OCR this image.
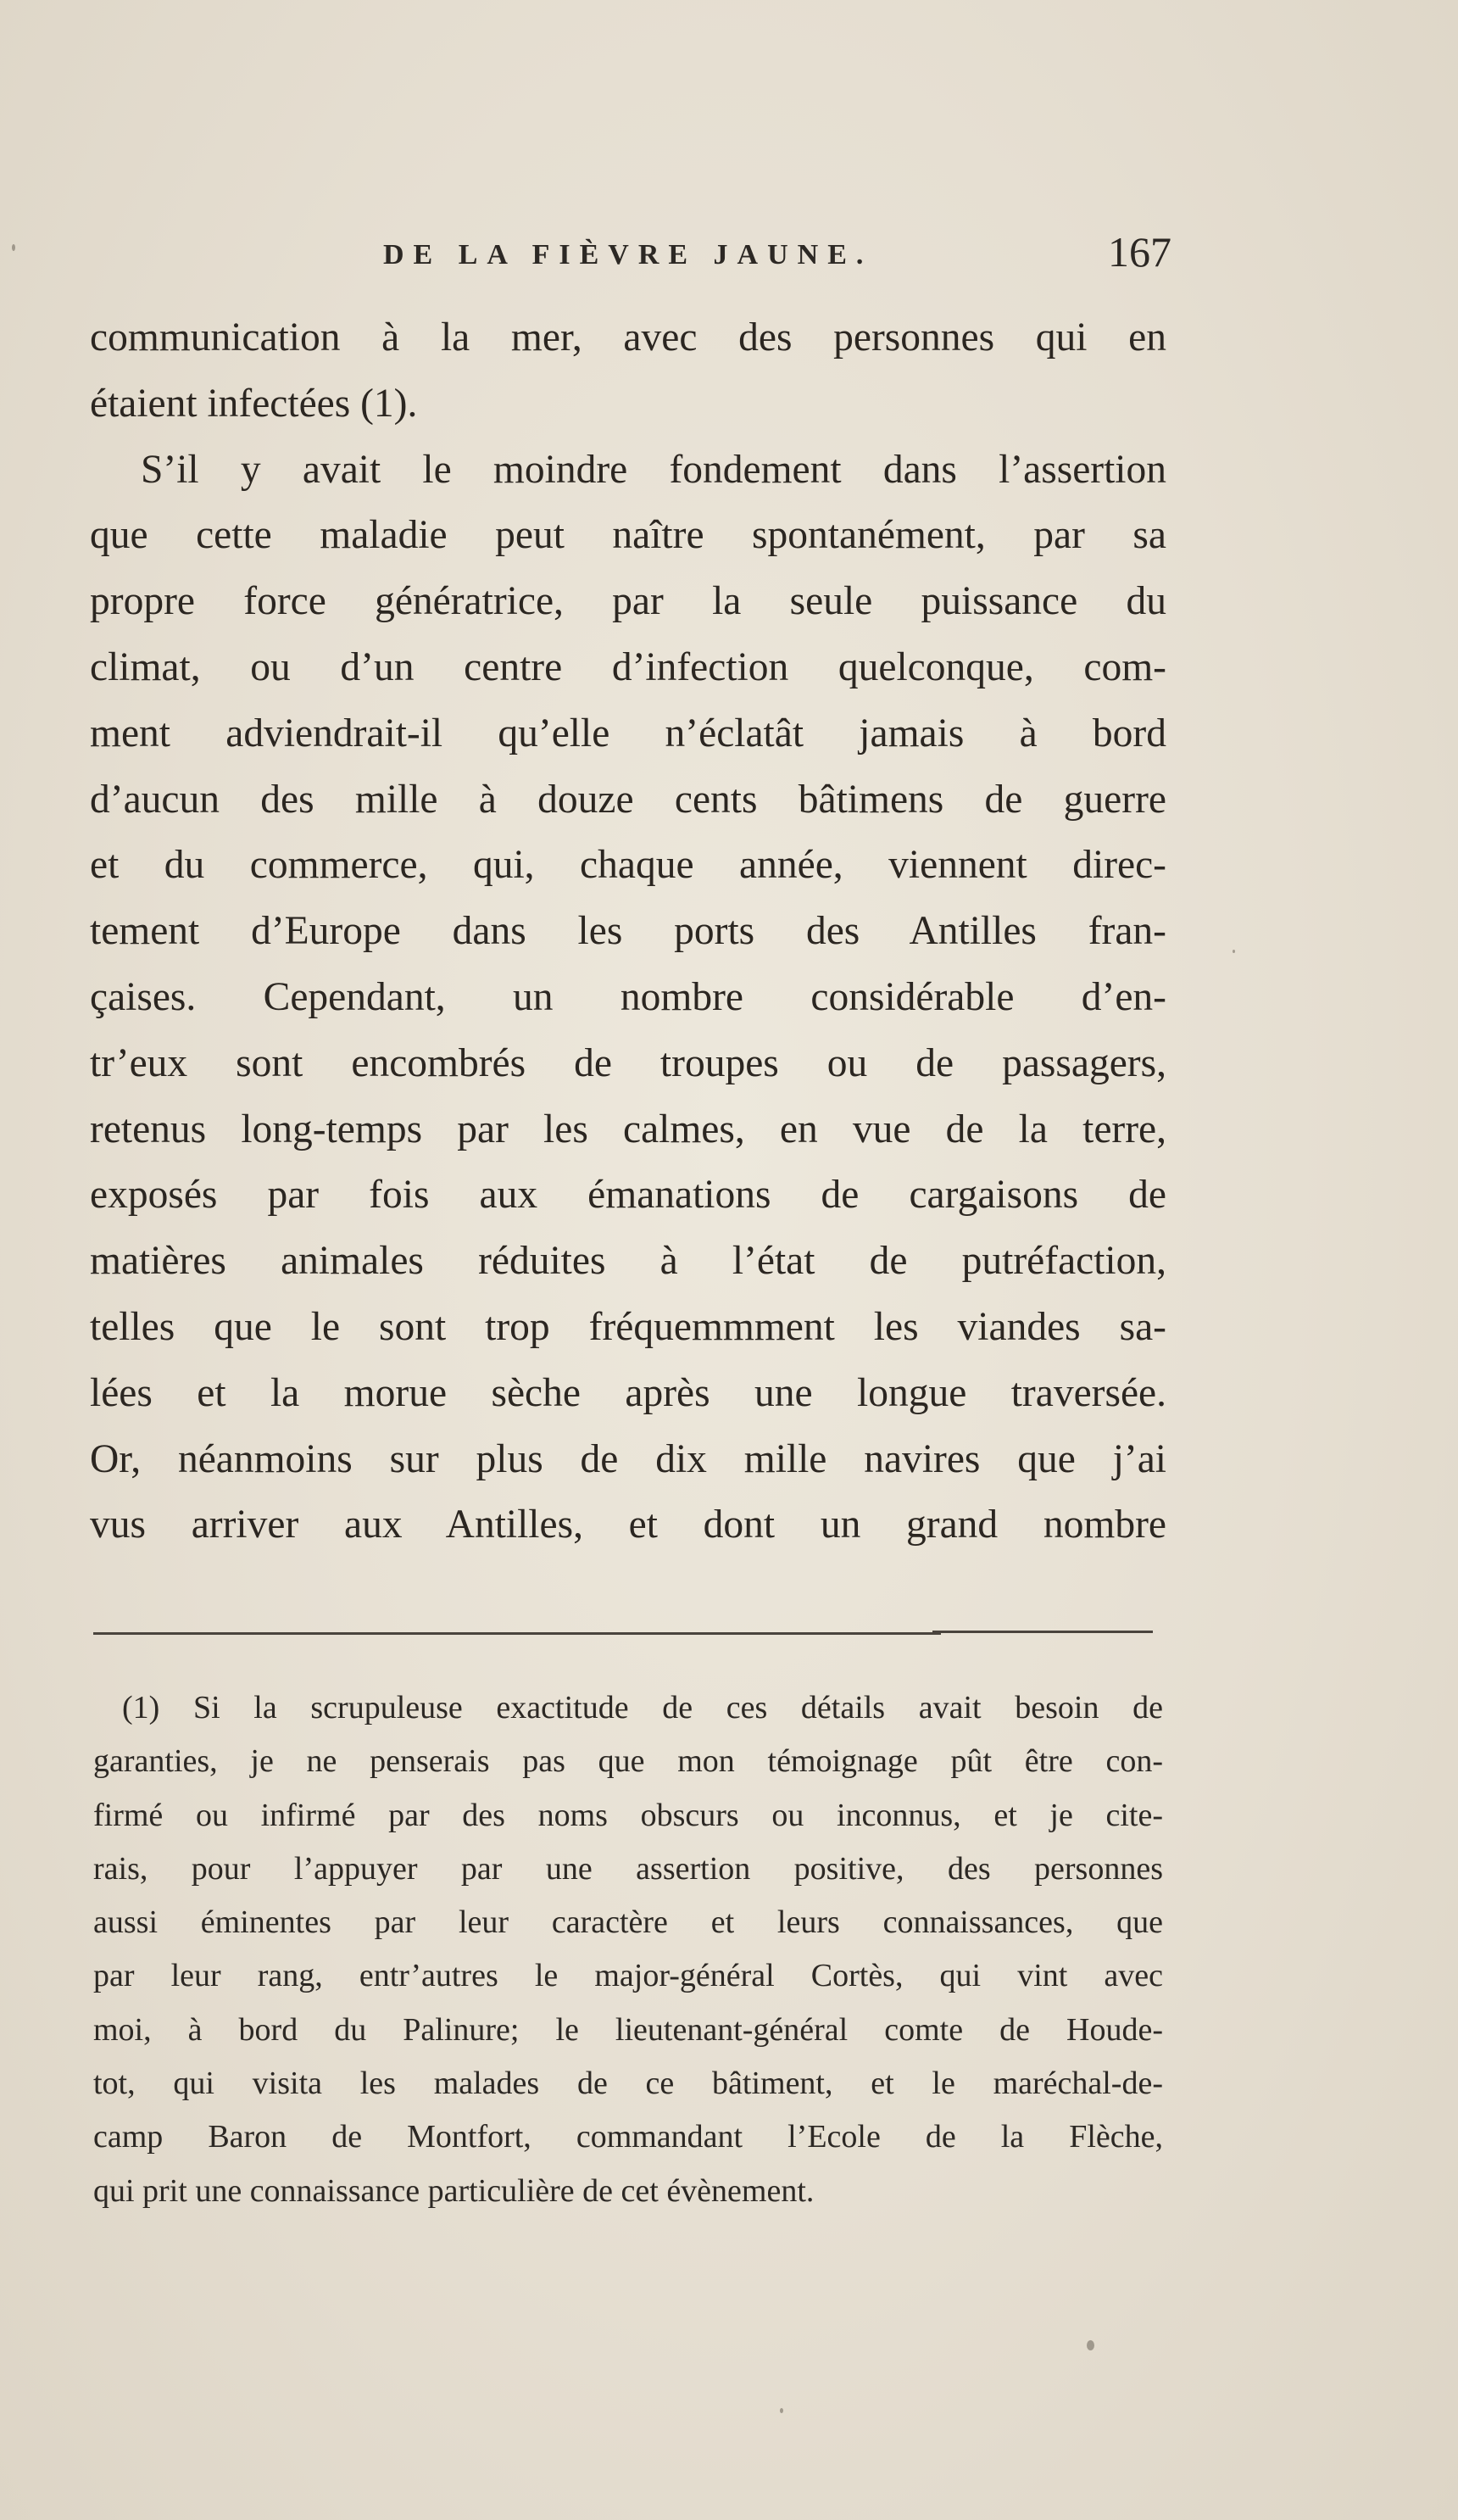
DE LA FIÈVRE JAUNE.	167
communication à la mer, avec des personnes qui en
étaient infectées (1).
S’il y avait le moindre fondement dans l’assertion
que cette maladie peut naître spontanément, par sa
propre force génératrice, par la seule puissance du
climat, ou d’un centre d’infection quelconque, com-
ment adviendrait-il qu’elle n’éclatât jamais à bord
d’aucun des mille à douze cents bâtimens de guerre
et du commerce, qui, chaque année, viennent direc-
tement d’Europe dans les ports des Antilles fran-
çaises. Cependant, un nombre considérable d’en-
tr’eux sont encombrés de troupes ou de passagers,
retenus long-temps par les calmes, en vue de la terre,
exposés par fois aux émanations de cargaisons de
matières animales réduites à l’état de putréfaction,
telles que le sont trop fréquemmment les viandes sa-
lées et la morue sèche après une longue traversée.
Or, néanmoins sur plus de dix mille navires que j’ai
vus arriver aux Antilles, et dont un grand nombre
(1) Si la scrupuleuse exactitude de ces détails avait besoin de
garanties, je ne penserais pas que mon témoignage pût être con-
firmé ou infirmé par des noms obscurs ou inconnus, et je cite-
rais, pour l’appuyer par une assertion positive, des personnes
aussi éminentes par leur caractère et leurs connaissances, que
par leur rang, entr’autres le major-général Cortès, qui vint avec
moi, à bord du Palinure; le lieutenant-général comte de Houde-
tot, qui visita les malades de ce bâtiment, et le maréchal-de-
camp Baron de Montfort, commandant l’Ecole de la Flèche,
qui prit une connaissance particulière de cet évènement.
